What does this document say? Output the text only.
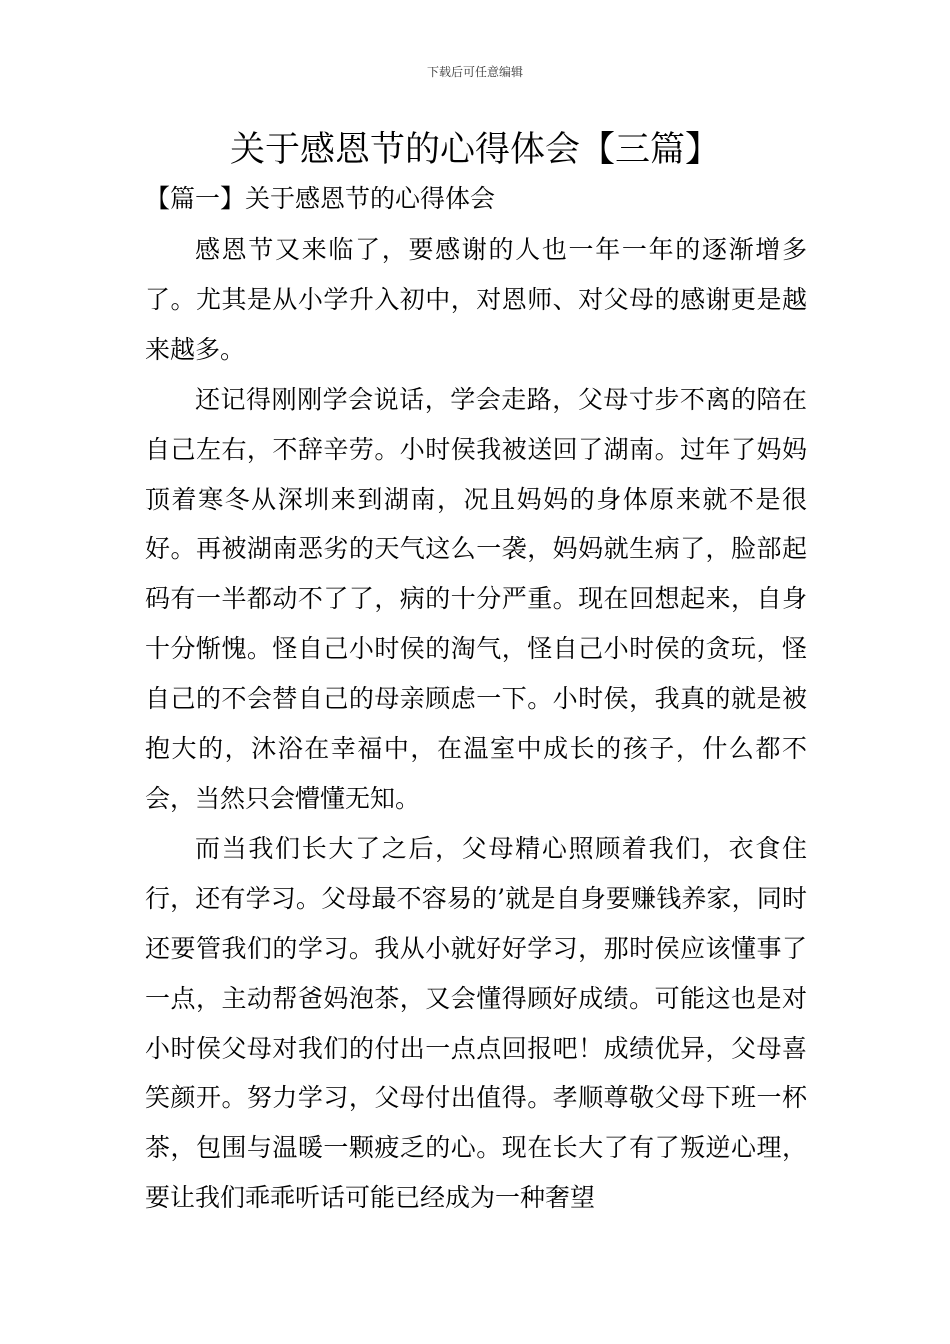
下载后可任意编辑
关于感恩节的心得体会【三篇】
【篇一】关于感恩节的心得体会

感恩节又来临了，要感谢的人也一年一年的逐渐增多了。尤其是从小学升入初中，对恩师、对父母的感谢更是越来越多。

还记得刚刚学会说话，学会走路，父母寸步不离的陪在自己左右，不辞辛劳。小时侯我被送回了湖南。过年了妈妈顶着寒冬从深圳来到湖南，况且妈妈的身体原来就不是很好。再被湖南恶劣的天气这么一袭，妈妈就生病了，脸部起码有一半都动不了了，病的十分严重。现在回想起来，自身十分惭愧。怪自己小时侯的淘气，怪自己小时侯的贪玩，怪自己的不会替自己的母亲顾虑一下。小时侯，我真的就是被抱大的，沐浴在幸福中，在温室中成长的孩子，什么都不会，当然只会懵懂无知。

而当我们长大了之后，父母精心照顾着我们，衣食住行，还有学习。父母最不容易的’就是自身要赚钱养家，同时还要管我们的学习。我从小就好好学习，那时侯应该懂事了一点，主动帮爸妈泡茶，又会懂得顾好成绩。可能这也是对小时侯父母对我们的付出一点点回报吧！成绩优异，父母喜笑颜开。努力学习，父母付出值得。孝顺尊敬父母下班一杯茶，包围与温暖一颗疲乏的心。现在长大了有了叛逆心理，要让我们乖乖听话可能已经成为一种奢望
